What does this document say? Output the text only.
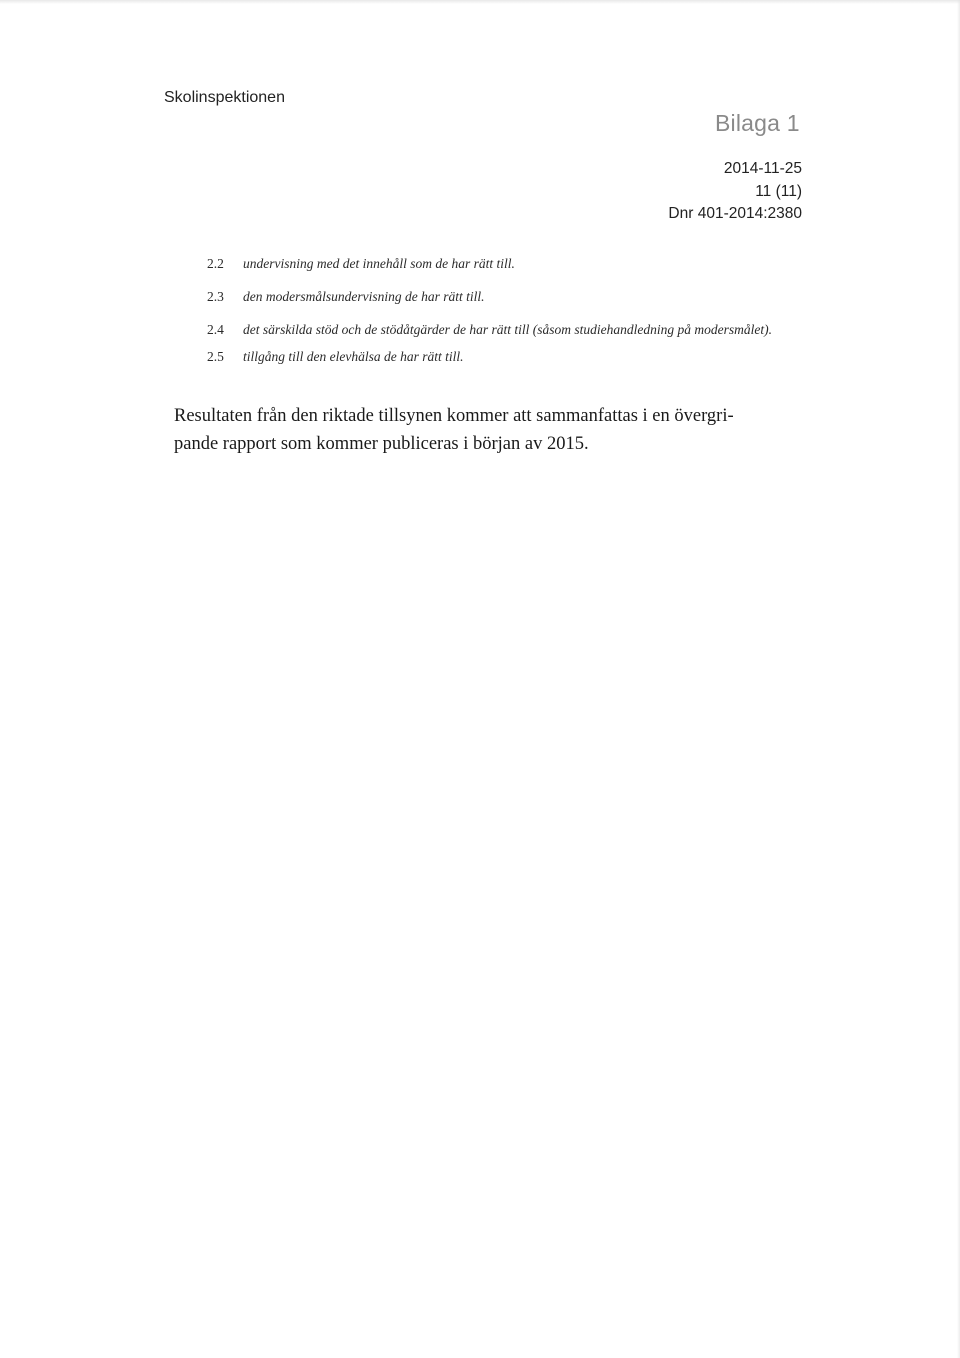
Skolinspektionen
Bilaga 1
2014-11-25
11 (11)
Dnr 401-2014:2380
2.2 undervisning med det innehåll som de har rätt till.
2.3 den modersmålsundervisning de har rätt till.
2.4 det särskilda stöd och de stödåtgärder de har rätt till (såsom studiehandledning på modersmålet).
2.5 tillgång till den elevhälsa de har rätt till.
Resultaten från den riktade tillsynen kommer att sammanfattas i en övergri-
pande rapport som kommer publiceras i början av 2015.
